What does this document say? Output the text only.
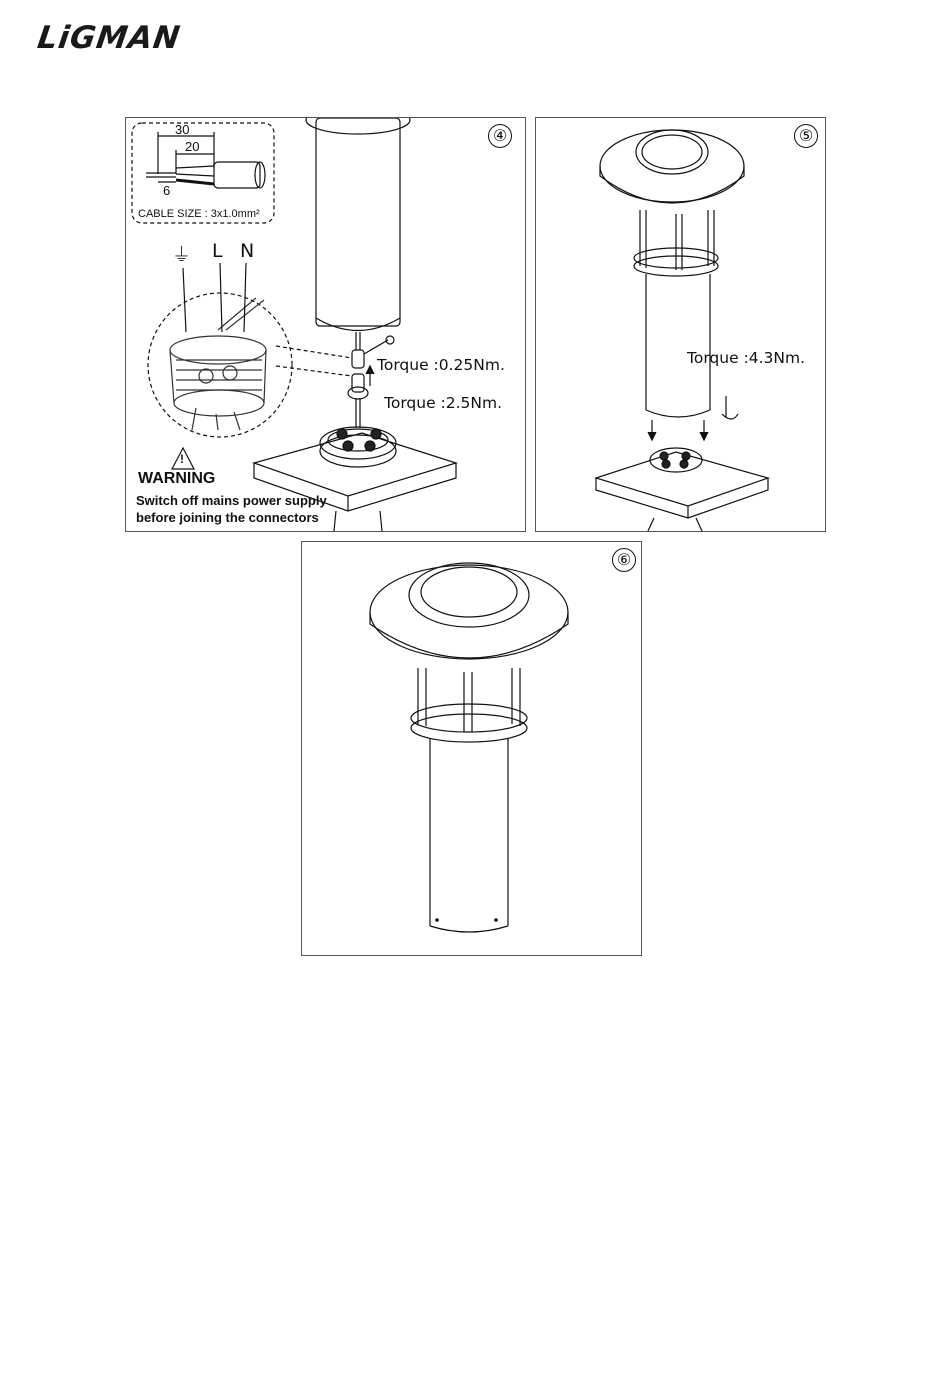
LiGMAN
④
30
20
6
CABLE SIZE : 3x1.0mm²
⏚ L N
Torque :0.25Nm.
Torque :2.5Nm.
!
WARNING
Switch off mains power supply
before joining the connectors
⑤
Torque :4.3Nm.
⑥
